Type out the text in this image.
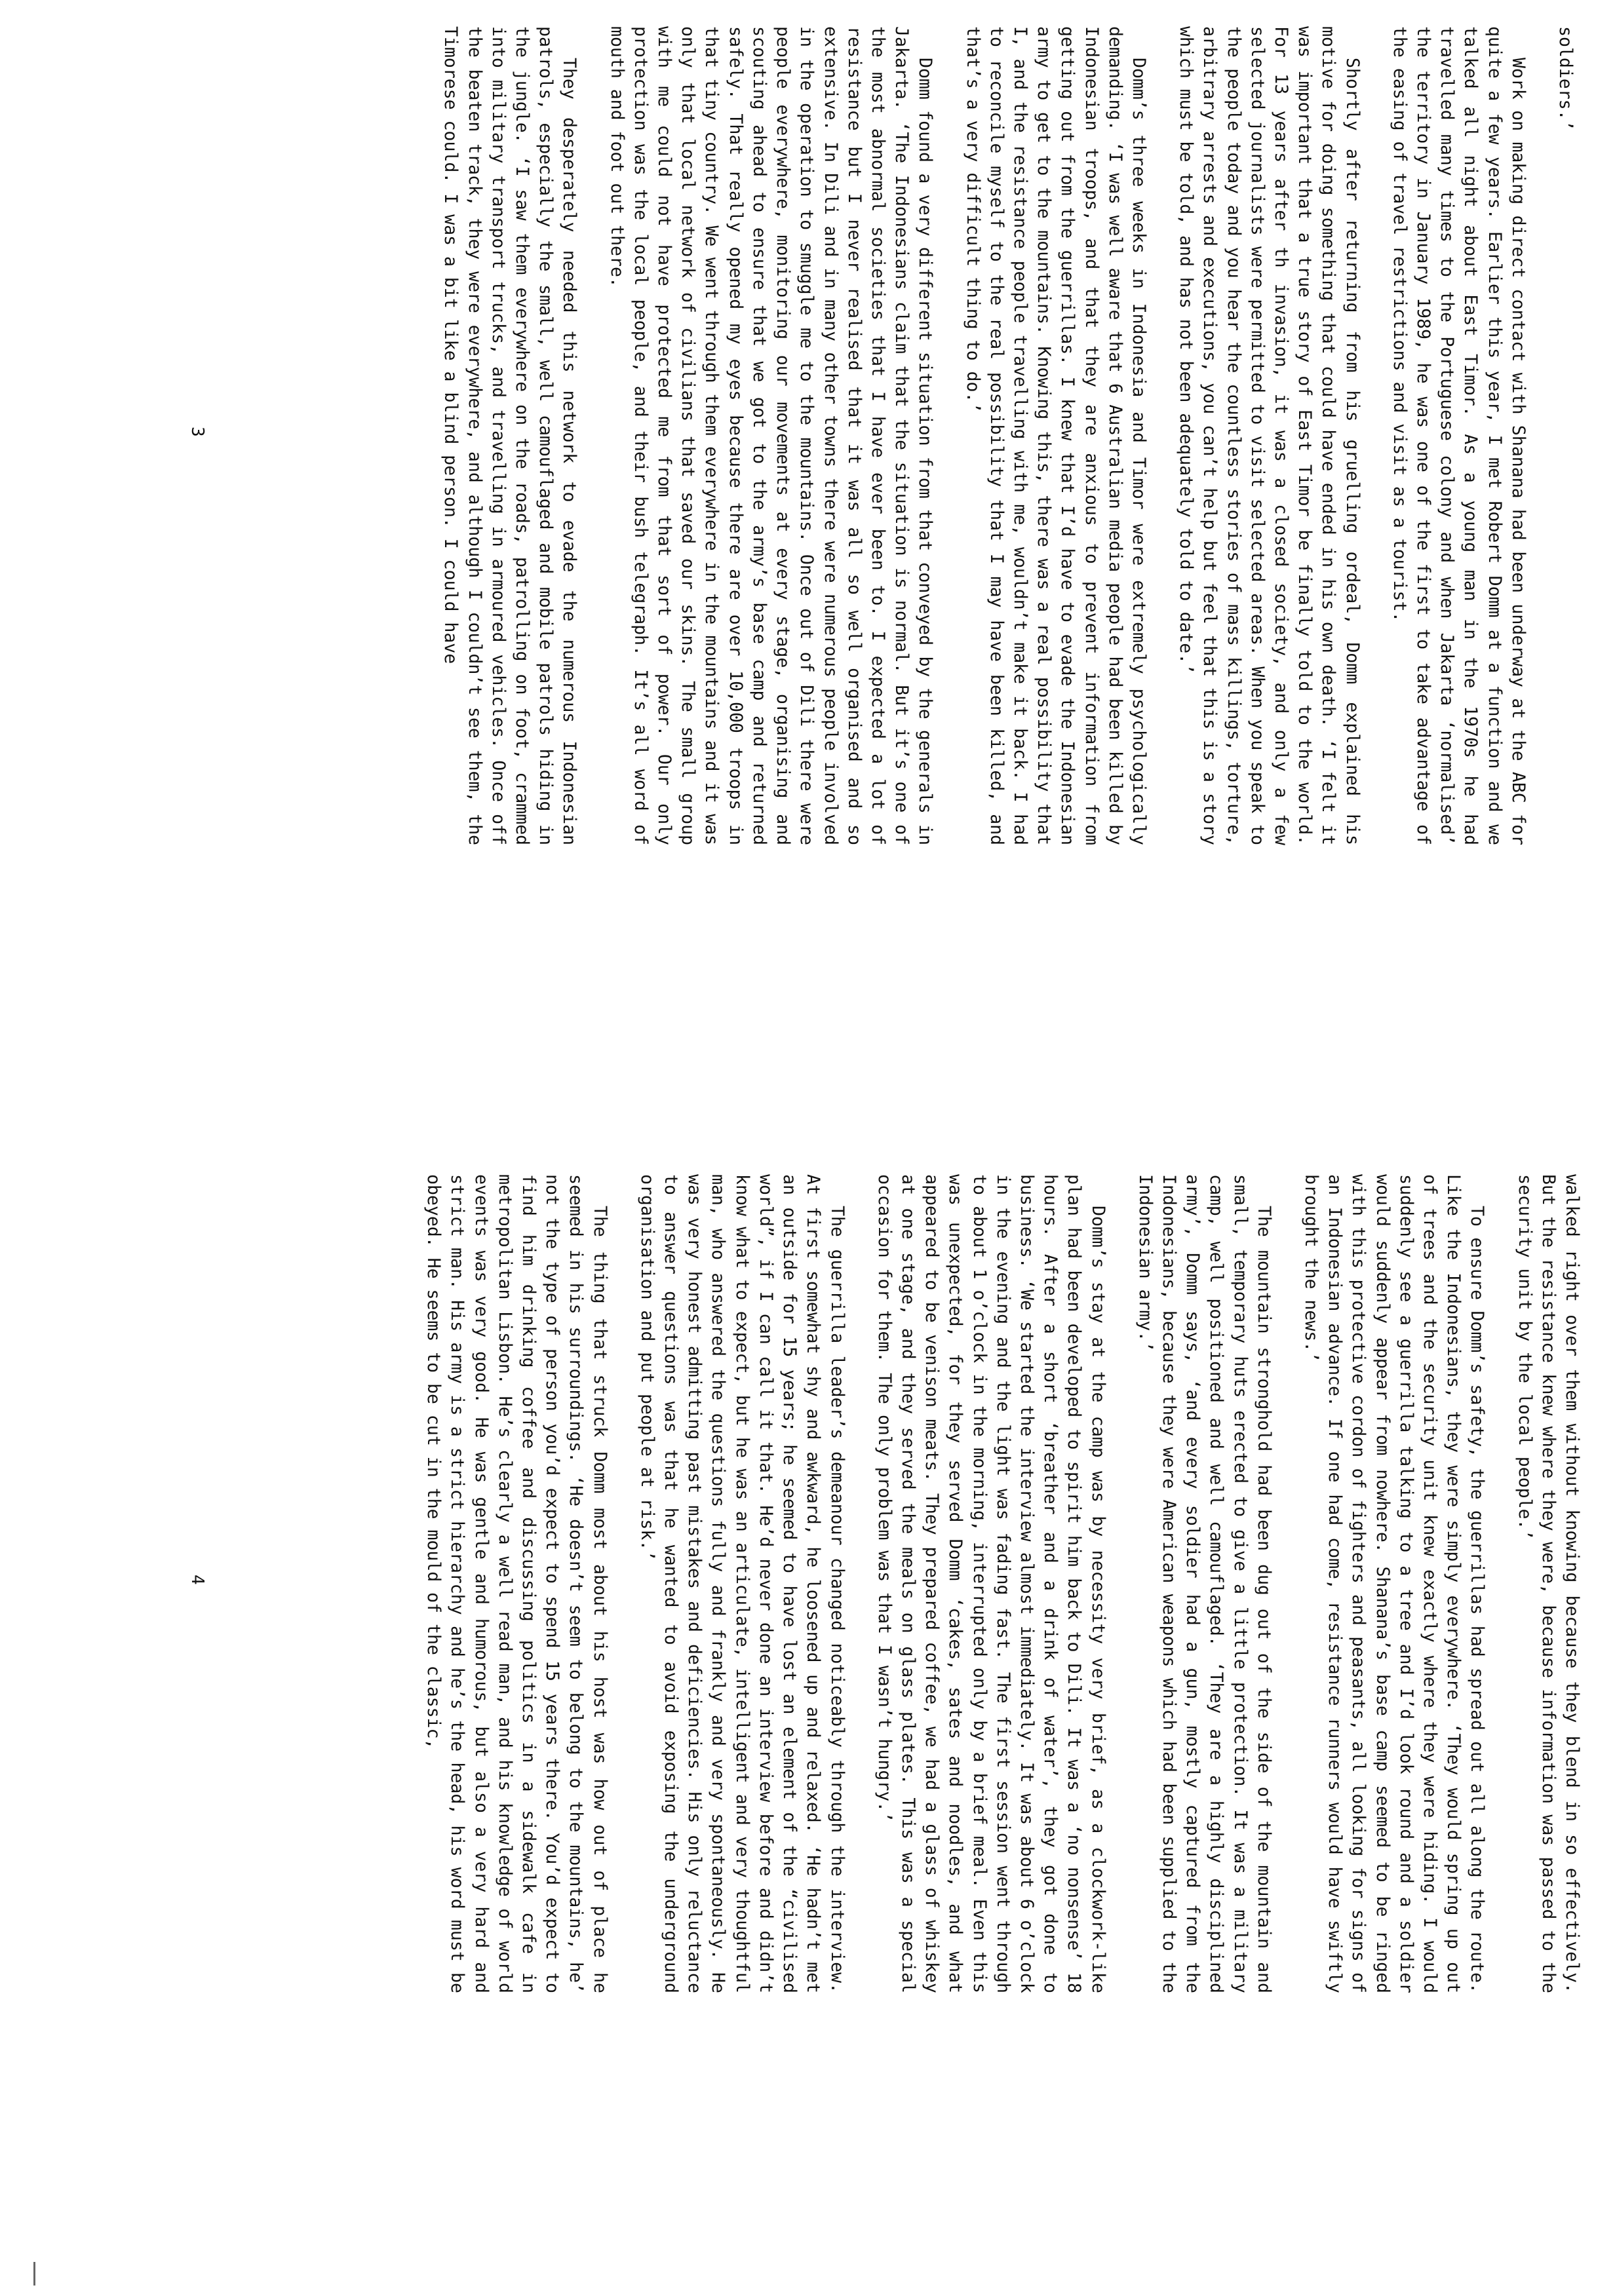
soldiers.’

Work on making direct contact with Shanana had been underway at the ABC for quite a few years. Earlier this year, I met Robert Domm at a function and we talked all night about East Timor. As a young man in the 1970s he had travelled many times to the Portuguese colony and when Jakarta ‘normalised’ the territory in January 1989, he was one of the first to take advantage of the easing of travel restrictions and visit as a tourist.

Shortly after returning from his gruelling ordeal, Domm explained his motive for doing something that could have ended in his own death. ‘I felt it was important that a true story of East Timor be finally told to the world. For 13 years after th invasion, it was a closed society, and only a few selected journalists were permitted to visit selected areas. When you speak to the people today and you hear the countless stories of mass killings, torture, arbitrary arrests and executions, you can’t help but feel that this is a story which must be told, and has not been adequately told to date.’

Domm’s three weeks in Indonesia and Timor were extremely psychologically demanding. ‘I was well aware that 6 Australian media people had been killed by Indonesian troops, and that they are anxious to prevent information from getting out from the guerrillas. I knew that I’d have to evade the Indonesian army to get to the mountains. Knowing this, there was a real possibility that I, and the resistance people travelling with me, wouldn’t make it back. I had to reconcile myself to the real possibility that I may have been killed, and that’s a very difficult thing to do.’

Domm found a very different situation from that conveyed by the generals in Jakarta. ‘The Indonesians claim that the situation is normal. But it’s one of the most abnormal societies that I have ever been to. I expected a lot of resistance but I never realised that it was all so well organised and so extensive. In Dili and in many other towns there were numerous people involved in the operation to smuggle me to the mountains. Once out of Dili there were people everywhere, monitoring our movements at every stage, organising and scouting ahead to ensure that we got to the army’s base camp and returned safely. That really opened my eyes because there are over 10,000 troops in that tiny country. We went through them everywhere in the mountains and it was only that local network of civilians that saved our skins. The small group with me could not have protected me from that sort of power. Our only protection was the local people, and their bush telegraph. It’s all word of mouth and foot out there.

They desperately needed this network to evade the numerous Indonesian patrols, especially the small, well camouflaged and mobile patrols hiding in the jungle. ‘I saw them everywhere on the roads, patrolling on foot, crammed into military transport trucks, and travelling in armoured vehicles. Once off the beaten track, they were everywhere, and although I couldn’t see them, the Timorese could. I was a bit like a blind person. I could have

3

walked right over them without knowing because they blend in so effectively. But the resistance knew where they were, because information was passed to the security unit by the local people.’

To ensure Domm’s safety, the guerrillas had spread out all along the route. Like the Indonesians, they were simply everywhere. ‘They would spring up out of trees and the security unit knew exactly where they were hiding. I would suddenly see a guerrilla talking to a tree and I’d look round and a soldier would suddenly appear from nowhere. Shanana’s base camp seemed to be ringed with this protective cordon of fighters and peasants, all looking for signs of an Indonesian advance. If one had come, resistance runners would have swiftly brought the news.’

The mountain stronghold had been dug out of the side of the mountain and small, temporary huts erected to give a little protection. It was a military camp, well positioned and well camouflaged. ‘They are a highly disciplined army’, Domm says, ‘and every soldier had a gun, mostly captured from the Indonesians, because they were American weapons which had been supplied to the Indonesian army.’

Domm’s stay at the camp was by necessity very brief, as a clockwork-like plan had been developed to spirit him back to Dili. It was a ‘no nonsense’ 18 hours. After a short ‘breather and a drink of water’, they got done to business. ‘We started the interview almost immediately. It was about 6 o’clock in the evening and the light was fading fast. The first session went through to about 1 o’clock in the morning, interrupted only by a brief meal. Even this was unexpected, for they served Domm ‘cakes, sates and noodles, and what appeared to be venison meats. They prepared coffee, we had a glass of whiskey at one stage, and they served the meals on glass plates. This was a special occasion for them. The only problem was that I wasn’t hungry.’

The guerrilla leader’s demeanour changed noticeably through the interview. At first somewhat shy and awkward, he loosened up and relaxed. ‘He hadn’t met an outside for 15 years; he seemed to have lost an element of the “civilised world”, if I can call it that. He’d never done an interview before and didn’t know what to expect, but he was an articulate, intelligent and very thoughtful man, who answered the questions fully and frankly and very spontaneously. He was very honest admitting past mistakes and deficiencies. His only reluctance to answer questions was that he wanted to avoid exposing the underground organisation and put people at risk.’

The thing that struck Domm most about his host was how out of place he seemed in his surroundings. ‘He doesn’t seem to belong to the mountains, he’ not the type of person you’d expect to spend 15 years there. You’d expect to find him drinking coffee and discussing politics in a sidewalk cafe in metropolitan Lisbon. He’s clearly a well read man, and his knowledge of world events was very good. He was gentle and humorous, but also a very hard and strict man. His army is a strict hierarchy and he’s the head, his word must be obeyed. He seems to be cut in the mould of the classic,

4
